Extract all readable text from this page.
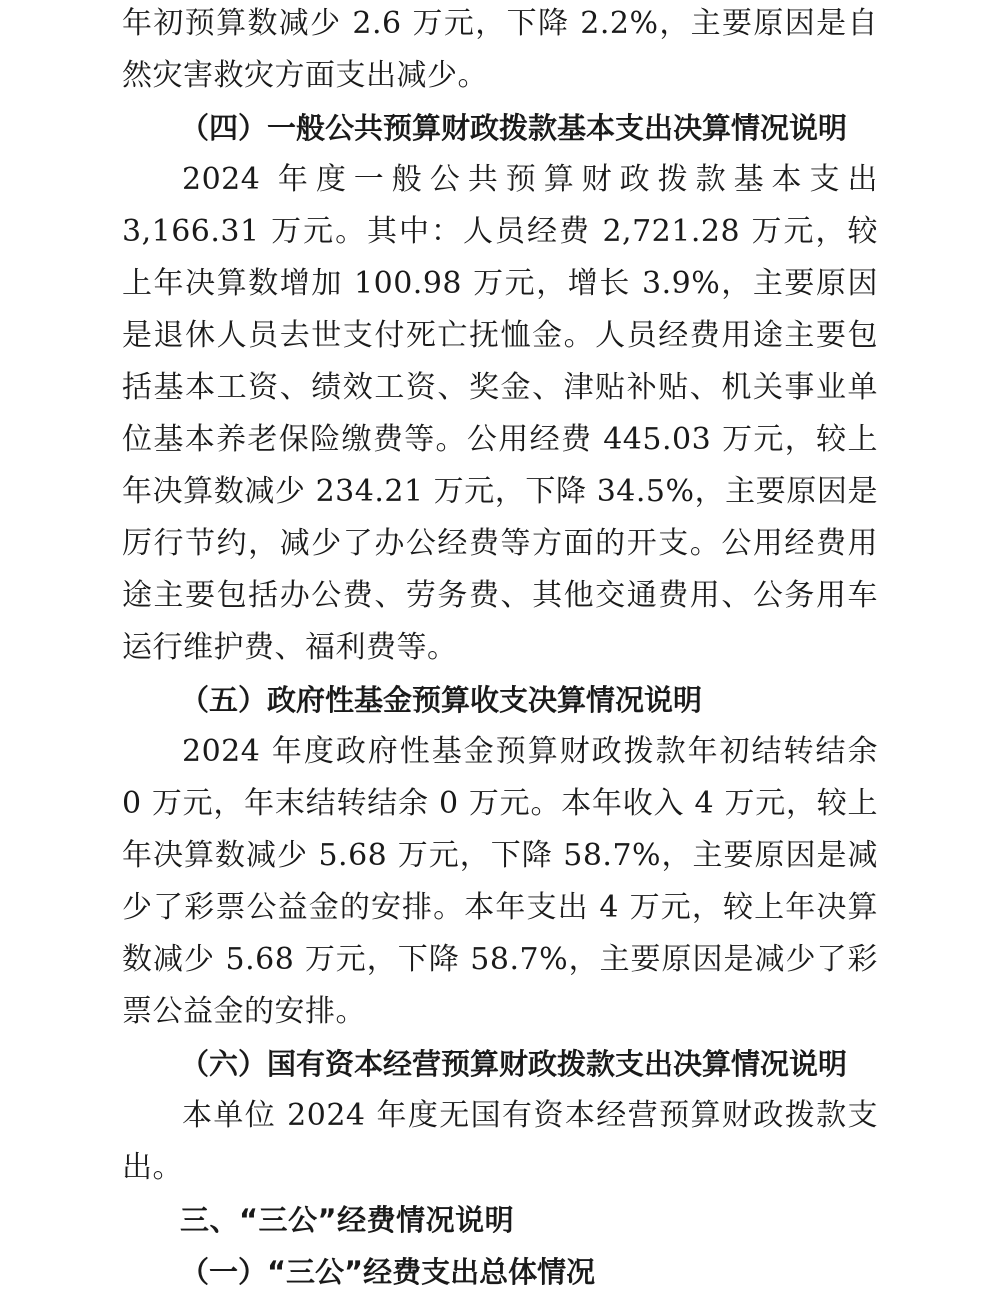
年初预算数减少 2.6 万元，下降 2.2%，主要原因是自然灾害救灾方面支出减少。

（四）一般公共预算财政拨款基本支出决算情况说明

2024 年度一般公共预算财政拨款基本支出 3,166.31 万元。其中：人员经费 2,721.28 万元，较上年决算数增加 100.98 万元，增长 3.9%，主要原因是退休人员去世支付死亡抚恤金。人员经费用途主要包括基本工资、绩效工资、奖金、津贴补贴、机关事业单位基本养老保险缴费等。公用经费 445.03 万元，较上年决算数减少 234.21 万元，下降 34.5%，主要原因是厉行节约，减少了办公经费等方面的开支。公用经费用途主要包括办公费、劳务费、其他交通费用、公务用车运行维护费、福利费等。

（五）政府性基金预算收支决算情况说明

2024 年度政府性基金预算财政拨款年初结转结余 0 万元，年末结转结余 0 万元。本年收入 4 万元，较上年决算数减少 5.68 万元，下降 58.7%，主要原因是减少了彩票公益金的安排。本年支出 4 万元，较上年决算数减少 5.68 万元，下降 58.7%，主要原因是减少了彩票公益金的安排。

（六）国有资本经营预算财政拨款支出决算情况说明

本单位 2024 年度无国有资本经营预算财政拨款支出。

三、“三公”经费情况说明

（一）“三公”经费支出总体情况
